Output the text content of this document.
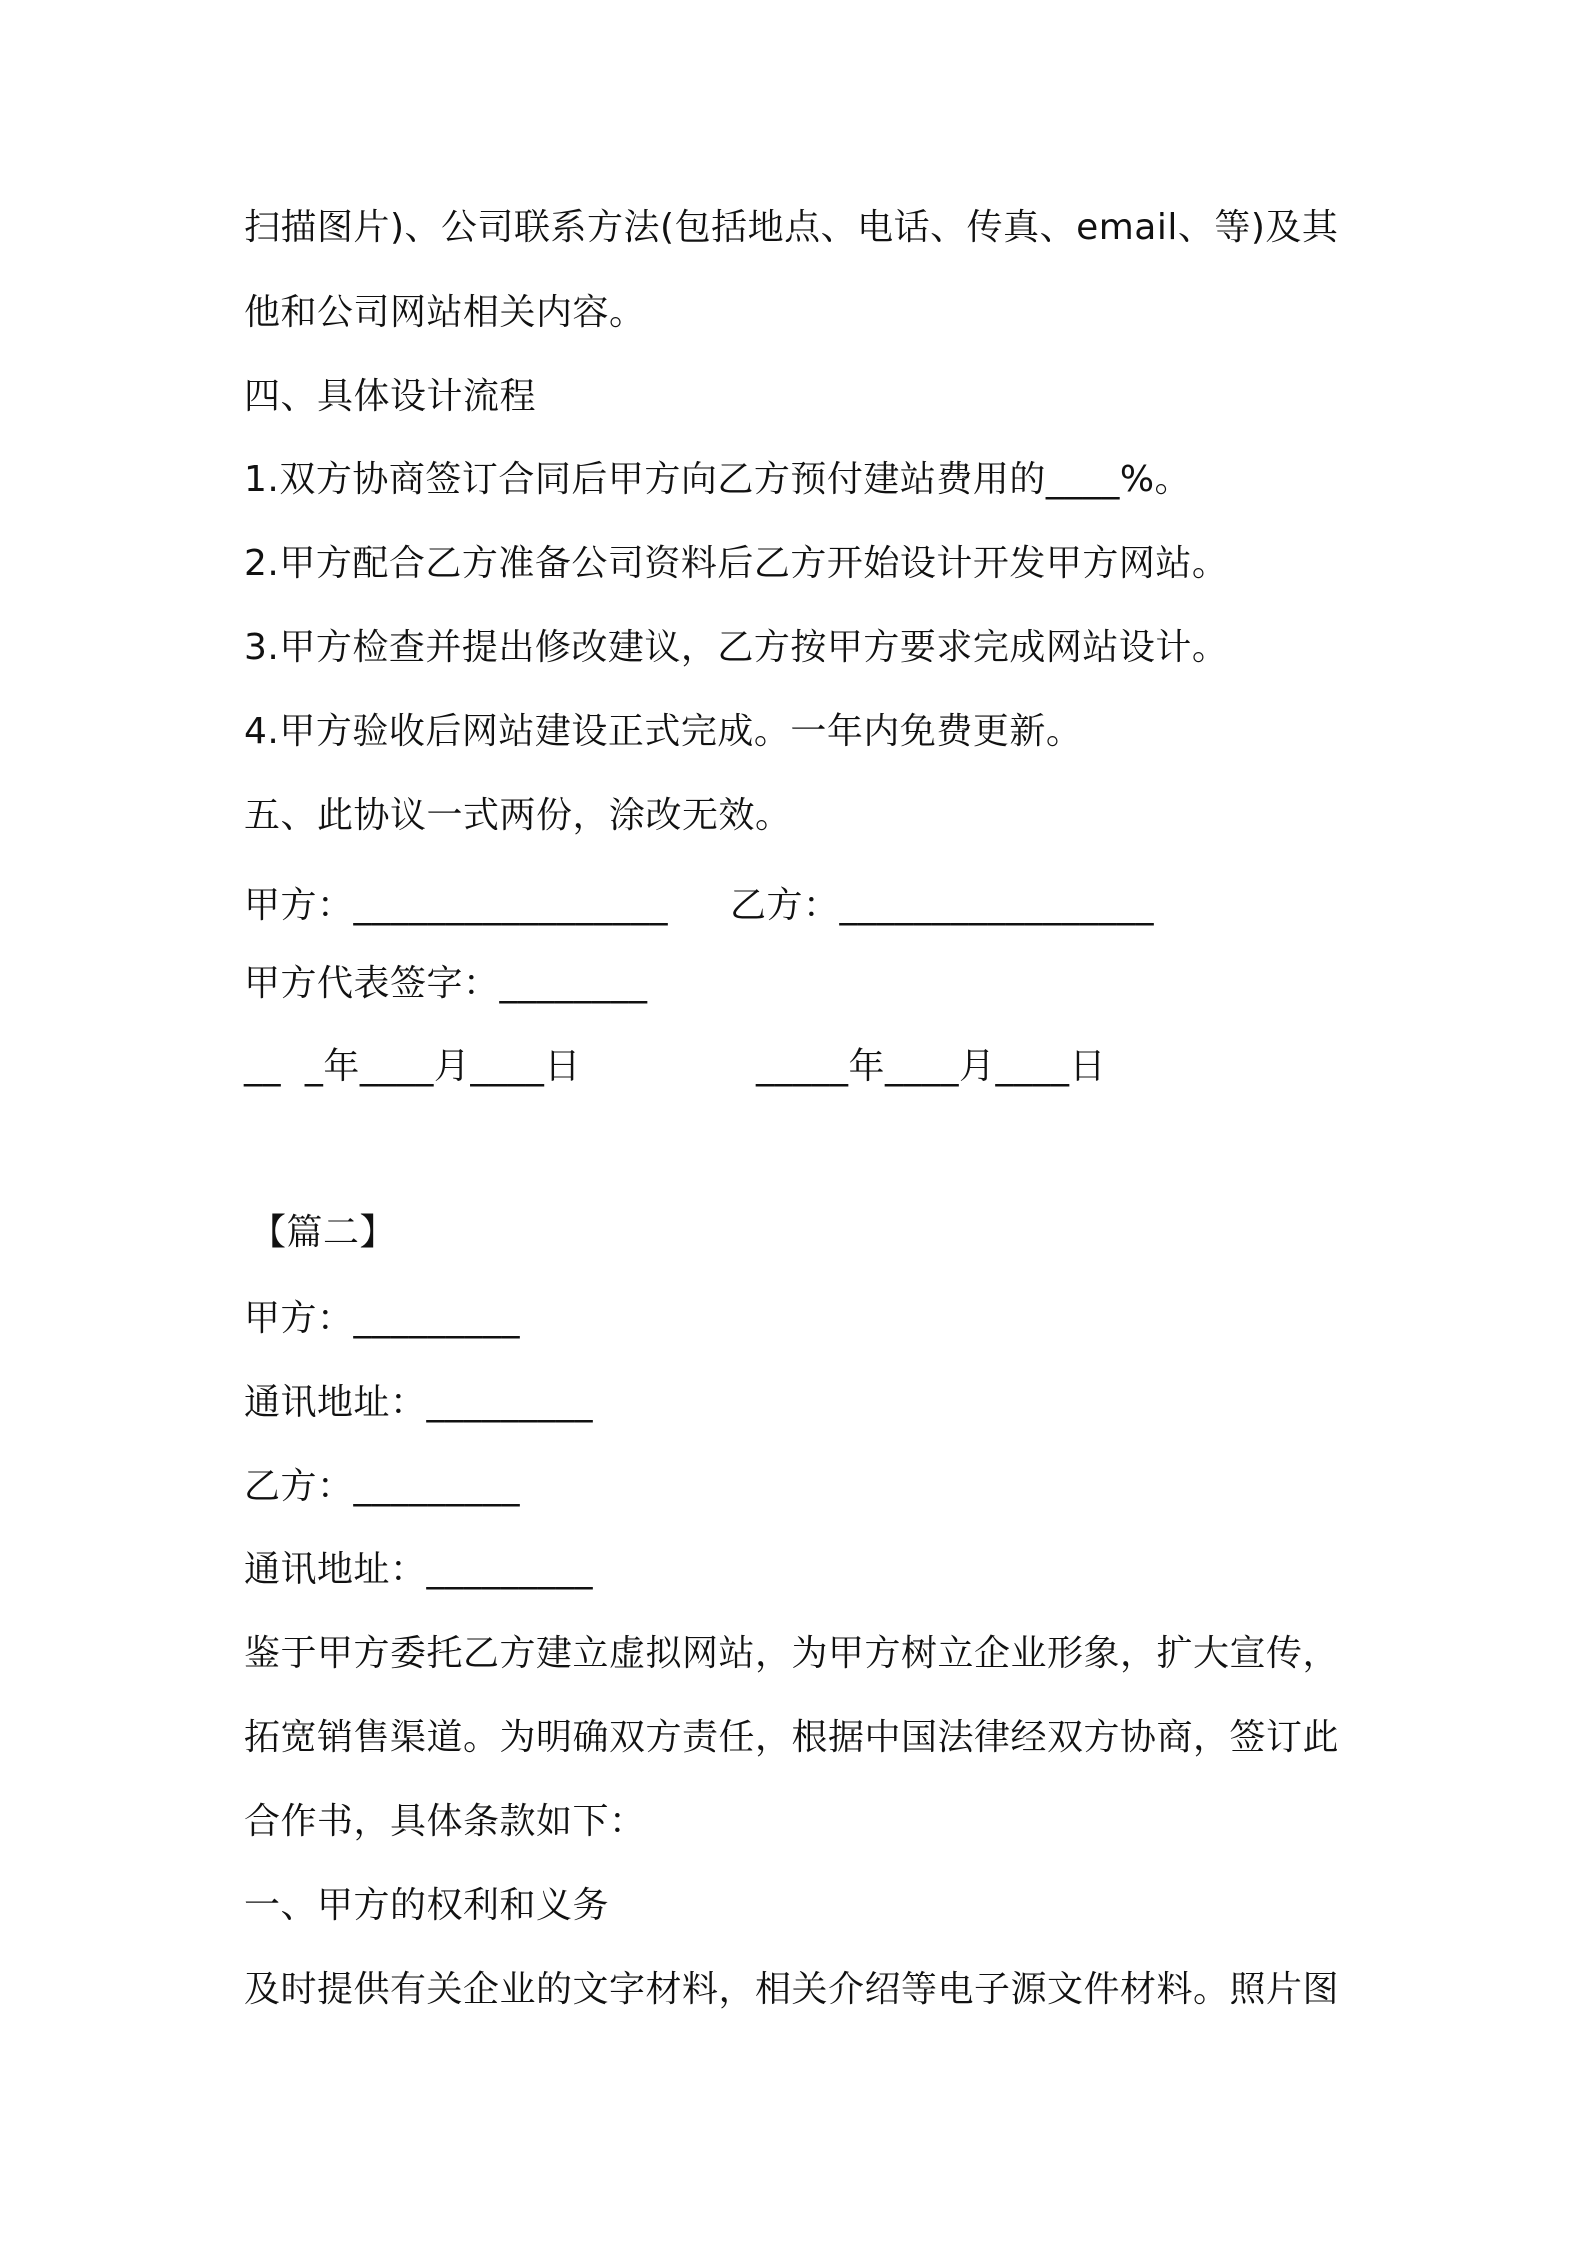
扫描图片)、公司联系方法(包括地点、电话、传真、email、等)及其
他和公司网站相关内容。
四、具体设计流程
1.双方协商签订合同后甲方向乙方预付建站费用的____%。
2.甲方配合乙方准备公司资料后乙方开始设计开发甲方网站。
3.甲方检查并提出修改建议，乙方按甲方要求完成网站设计。
4.甲方验收后网站建设正式完成。一年内免费更新。
五、此协议一式两份，涂改无效。
甲方：_________________ 乙方：_________________
甲方代表签字：________
__  _年____月____日	_____年____月____日
【篇二】
甲方：_________
通讯地址：_________
乙方：_________
通讯地址：_________
鉴于甲方委托乙方建立虚拟网站，为甲方树立企业形象，扩大宣传，
拓宽销售渠道。为明确双方责任，根据中国法律经双方协商，签订此
合作书，具体条款如下：
一、甲方的权利和义务
及时提供有关企业的文字材料，相关介绍等电子源文件材料。照片图
